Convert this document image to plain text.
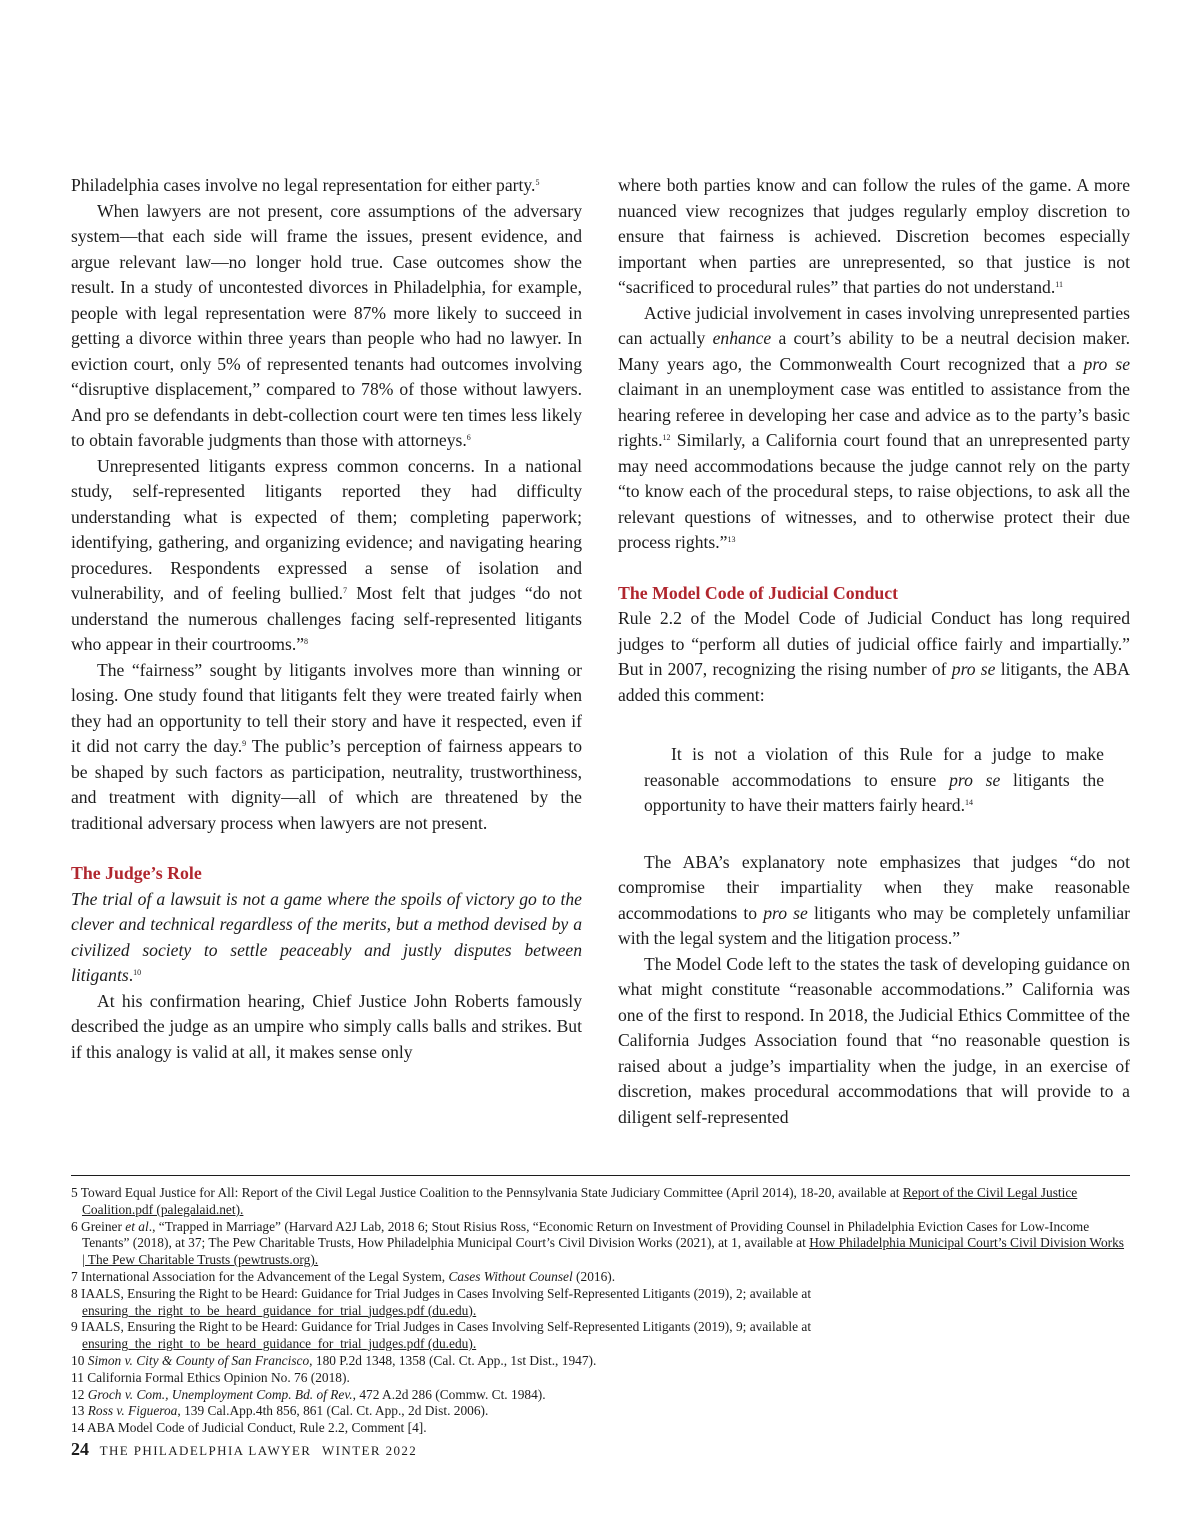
Philadelphia cases involve no legal representation for either party.$^5$

When lawyers are not present, core assumptions of the adversary system—that each side will frame the issues, present evidence, and argue relevant law—no longer hold true. Case outcomes show the result. In a study of uncontested divorces in Philadelphia, for example, people with legal representation were 87% more likely to succeed in getting a divorce within three years than people who had no lawyer. In eviction court, only 5% of represented tenants had outcomes involving “disruptive displacement,” compared to 78% of those without lawyers. And pro se defendants in debt-collection court were ten times less likely to obtain favorable judgments than those with attorneys.$^6$

Unrepresented litigants express common concerns. In a national study, self-represented litigants reported they had difficulty understanding what is expected of them; completing paperwork; identifying, gathering, and organizing evidence; and navigating hearing procedures. Respondents expressed a sense of isolation and vulnerability, and of feeling bullied.$^7$ Most felt that judges “do not understand the numerous challenges facing self-represented litigants who appear in their courtrooms.”$^8$

The “fairness” sought by litigants involves more than winning or losing. One study found that litigants felt they were treated fairly when they had an opportunity to tell their story and have it respected, even if it did not carry the day.$^9$ The public’s perception of fairness appears to be shaped by such factors as participation, neutrality, trustworthiness, and treatment with dignity—all of which are threatened by the traditional adversary process when lawyers are not present.

The Judge’s Role

The trial of a lawsuit is not a game where the spoils of victory go to the clever and technical regardless of the merits, but a method devised by a civilized society to settle peaceably and justly disputes between litigants.$^{10}$

At his confirmation hearing, Chief Justice John Roberts famously described the judge as an umpire who simply calls balls and strikes. But if this analogy is valid at all, it makes sense only

where both parties know and can follow the rules of the game. A more nuanced view recognizes that judges regularly employ discretion to ensure that fairness is achieved. Discretion becomes especially important when parties are unrepresented, so that justice is not “sacrificed to procedural rules” that parties do not understand.$^{11}$

Active judicial involvement in cases involving unrepresented parties can actually enhance a court’s ability to be a neutral decision maker. Many years ago, the Commonwealth Court recognized that a pro se claimant in an unemployment case was entitled to assistance from the hearing referee in developing her case and advice as to the party’s basic rights.$^{12}$ Similarly, a California court found that an unrepresented party may need accommodations because the judge cannot rely on the party “to know each of the procedural steps, to raise objections, to ask all the relevant questions of witnesses, and to otherwise protect their due process rights.”$^{13}$

The Model Code of Judicial Conduct

Rule 2.2 of the Model Code of Judicial Conduct has long required judges to “perform all duties of judicial office fairly and impartially.” But in 2007, recognizing the rising number of pro se litigants, the ABA added this comment:

It is not a violation of this Rule for a judge to make reasonable accommodations to ensure pro se litigants the opportunity to have their matters fairly heard.$^{14}$

The ABA’s explanatory note emphasizes that judges “do not compromise their impartiality when they make reasonable accommodations to pro se litigants who may be completely unfamiliar with the legal system and the litigation process.”

The Model Code left to the states the task of developing guidance on what might constitute “reasonable accommodations.” California was one of the first to respond. In 2018, the Judicial Ethics Committee of the California Judges Association found that “no reasonable question is raised about a judge’s impartiality when the judge, in an exercise of discretion, makes procedural accommodations that will provide to a diligent self-represented

5 Toward Equal Justice for All: Report of the Civil Legal Justice Coalition to the Pennsylvania State Judiciary Committee (April 2014), 18-20, available at Report of the Civil Legal Justice Coalition.pdf (palegalaid.net).
6 Greiner et al., “Trapped in Marriage” (Harvard A2J Lab, 2018 6; Stout Risius Ross, “Economic Return on Investment of Providing Counsel in Philadelphia Eviction Cases for Low-Income Tenants” (2018), at 37; The Pew Charitable Trusts, How Philadelphia Municipal Court’s Civil Division Works (2021), at 1, available at How Philadelphia Municipal Court’s Civil Division Works | The Pew Charitable Trusts (pewtrusts.org).
7 International Association for the Advancement of the Legal System, Cases Without Counsel (2016).
8 IAALS, Ensuring the Right to be Heard: Guidance for Trial Judges in Cases Involving Self-Represented Litigants (2019), 2; available at ensuring_the_right_to_be_heard_guidance_for_trial_judges.pdf (du.edu).
9 IAALS, Ensuring the Right to be Heard: Guidance for Trial Judges in Cases Involving Self-Represented Litigants (2019), 9; available at ensuring_the_right_to_be_heard_guidance_for_trial_judges.pdf (du.edu).
10 Simon v. City & County of San Francisco, 180 P.2d 1348, 1358 (Cal. Ct. App., 1st Dist., 1947).
11 California Formal Ethics Opinion No. 76 (2018).
12 Groch v. Com., Unemployment Comp. Bd. of Rev., 472 A.2d 286 (Commw. Ct. 1984).
13 Ross v. Figueroa, 139 Cal.App.4th 856, 861 (Cal. Ct. App., 2d Dist. 2006).
14 ABA Model Code of Judicial Conduct, Rule 2.2, Comment [4].
24 THE PHILADELPHIA LAWYER WINTER 2022
